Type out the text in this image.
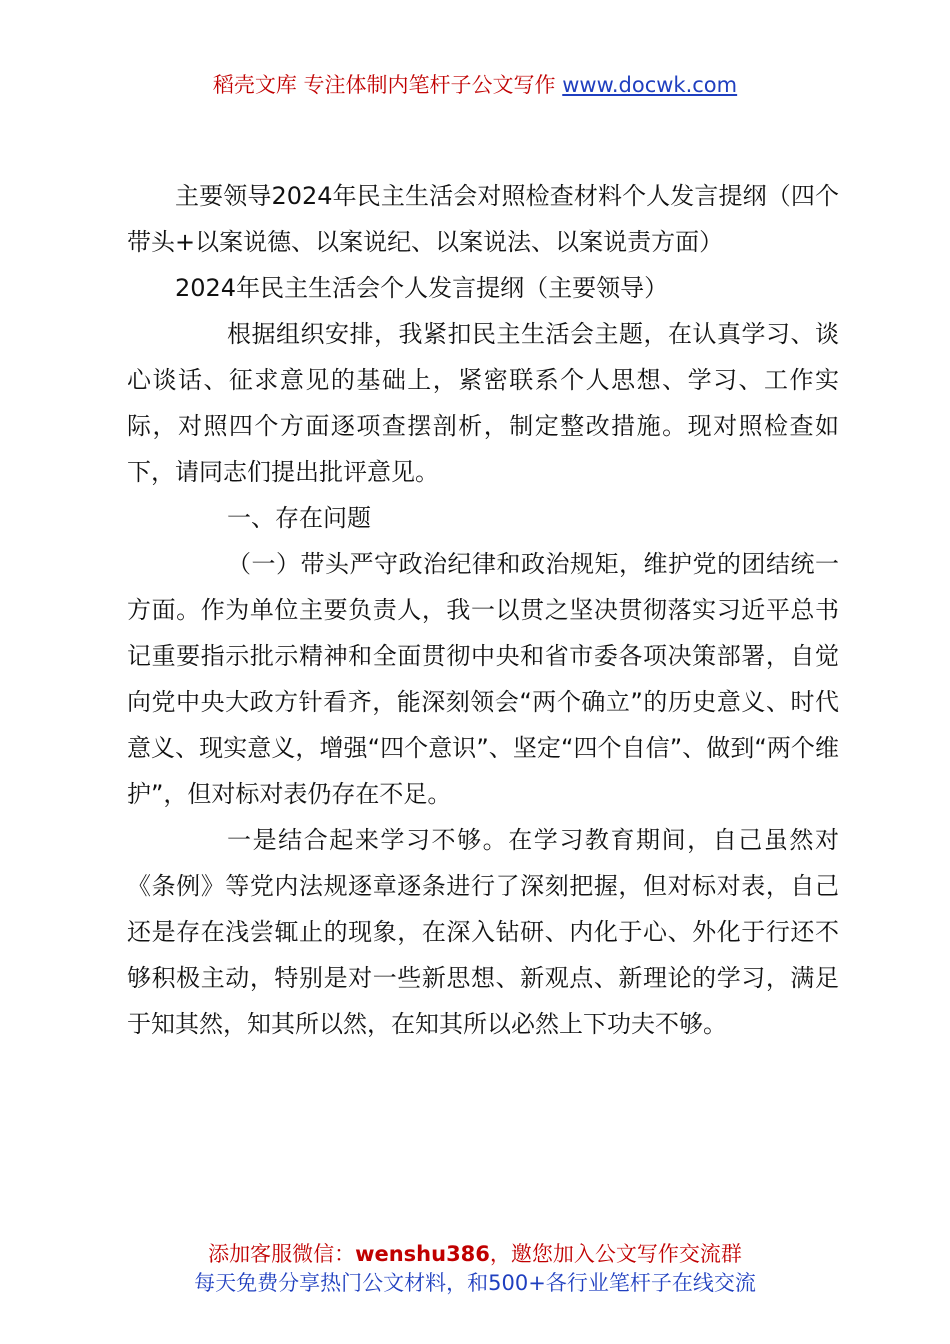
稻壳文库 专注体制内笔杆子公文写作 www.docwk.com

主要领导2024年民主生活会对照检查材料个人发言提纲（四个带头+以案说德、以案说纪、以案说法、以案说责方面）

2024年民主生活会个人发言提纲（主要领导）

根据组织安排，我紧扣民主生活会主题，在认真学习、谈心谈话、征求意见的基础上，紧密联系个人思想、学习、工作实际，对照四个方面逐项查摆剖析，制定整改措施。现对照检查如下，请同志们提出批评意见。

一、存在问题

（一）带头严守政治纪律和政治规矩，维护党的团结统一方面。作为单位主要负责人，我一以贯之坚决贯彻落实习近平总书记重要指示批示精神和全面贯彻中央和省市委各项决策部署，自觉向党中央大政方针看齐，能深刻领会“两个确立”的历史意义、时代意义、现实意义，增强“四个意识”、坚定“四个自信”、做到“两个维护”，但对标对表仍存在不足。

一是结合起来学习不够。在学习教育期间，自己虽然对《条例》等党内法规逐章逐条进行了深刻把握，但对标对表，自己还是存在浅尝辄止的现象，在深入钻研、内化于心、外化于行还不够积极主动，特别是对一些新思想、新观点、新理论的学习，满足于知其然，知其所以然，在知其所以必然上下功夫不够。

添加客服微信：wenshu386，邀您加入公文写作交流群
每天免费分享热门公文材料，和500+各行业笔杆子在线交流
